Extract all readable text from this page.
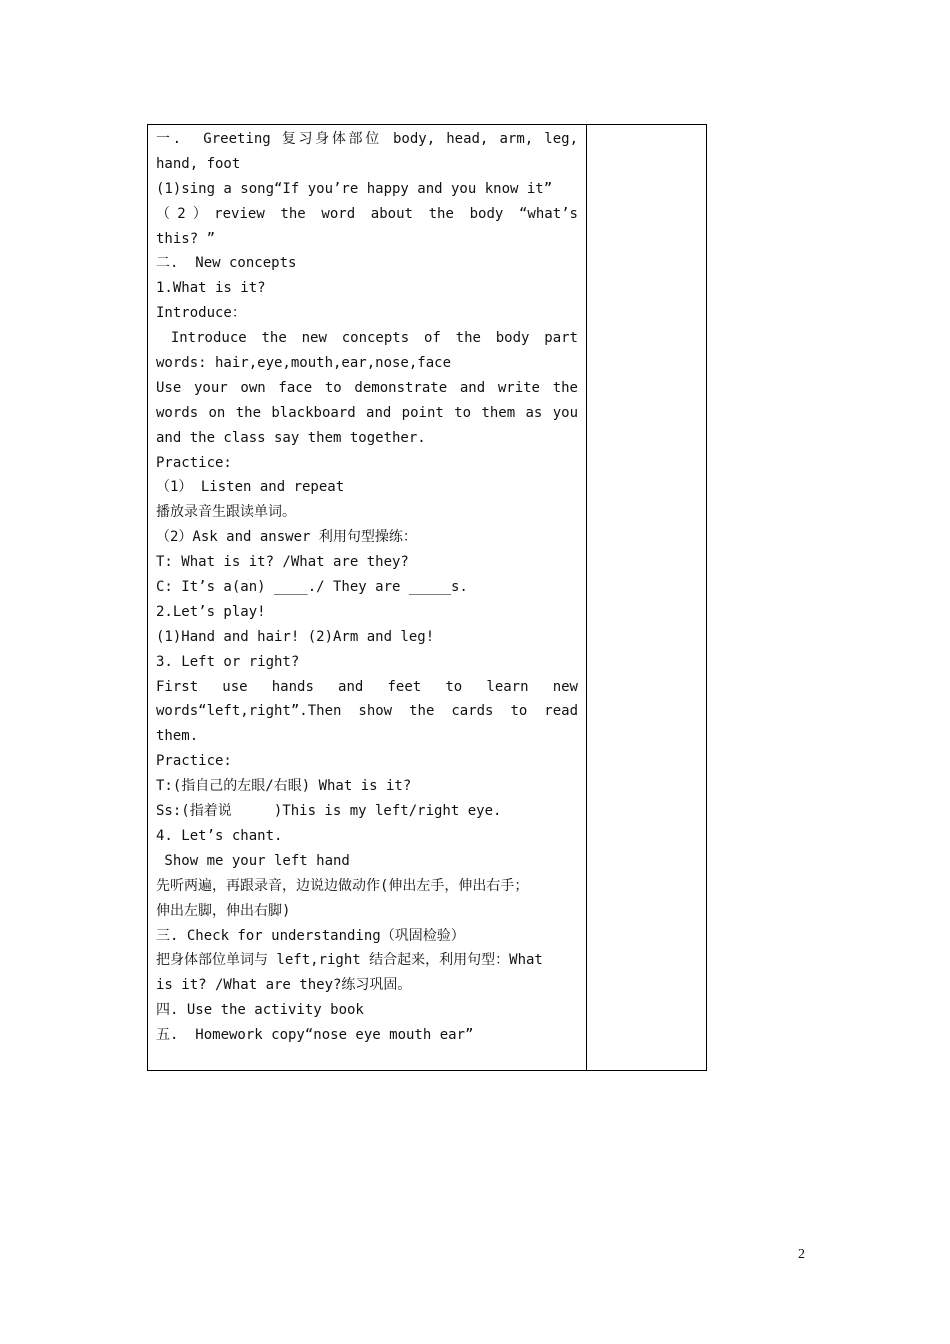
一.  Greeting 复习身体部位 body, head, arm, leg,
hand, foot
(1)sing a song“If you’re happy and you know it”
（2）review the word about the body “what’s
this? ”
二.  New concepts
1.What is it?
Introduce：
Introduce the new concepts of the body part
words: hair,eye,mouth,ear,nose,face
Use your own face to demonstrate and write the
words on the blackboard and point to them as you
and the class say them together.
Practice:
（1） Listen and repeat
播放录音生跟读单词。
（2）Ask and answer 利用句型操练：
T: What is it? /What are they?
C: It’s a(an) ____./ They are _____s.
2.Let’s play!
(1)Hand and hair! (2)Arm and leg!
3. Left or right?
First use hands and feet to learn new
words“left,right”.Then show the cards to read
them.
Practice:
T:(指自己的左眼/右眼) What is it?
Ss:(指着说     )This is my left/right eye.
4. Let’s chant.
Show me your left hand
先听两遍，再跟录音，边说边做动作(伸出左手，伸出右手；
伸出左脚，伸出右脚)
三. Check for understanding（巩固检验）
把身体部位单词与 left,right 结合起来，利用句型：What
is it? /What are they?练习巩固。
四. Use the activity book
五.  Homework copy“nose eye mouth ear”
2
